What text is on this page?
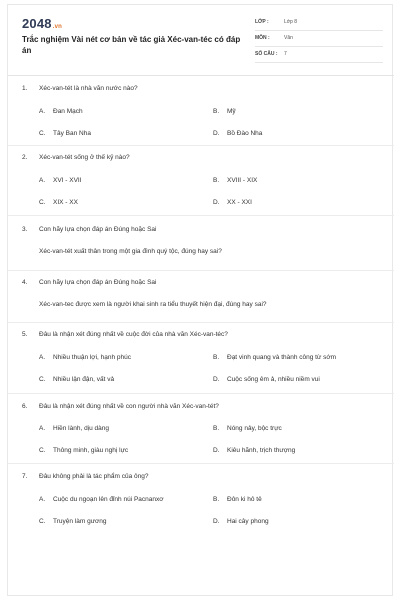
2048.vn
Trắc nghiệm Vài nét cơ bản về tác giả Xéc-van-téc có đáp án
LỚP :	Lớp 8
MÔN :	Văn
SỐ CÂU : 7
1. Xéc-van-tét là nhà văn nước nào?
A. Đan Mạch	B. Mỹ
C. Tây Ban Nha	D. Bồ Đào Nha
2. Xéc-van-tét sống ở thế kỷ nào?
A. XVI - XVII	B. XVIII - XIX
C. XIX - XX	D. XX - XXI
3. Con hãy lựa chọn đáp án Đúng hoặc Sai
Xéc-van-tét xuất thân trong một gia đình quý tộc, đúng hay sai?
4. Con hãy lựa chọn đáp án Đúng hoặc Sai
Xéc-van-tec được xem là người khai sinh ra tiểu thuyết hiện đại, đúng hay sai?
5. Đâu là nhận xét đúng nhất về cuộc đời của nhà văn Xéc-van-téc?
A. Nhiều thuận lợi, hạnh phúc	B. Đạt vinh quang và thành công từ sớm
C. Nhiều lận đận, vất vả	D. Cuộc sống êm ả, nhiều niềm vui
6. Đâu là nhận xét đúng nhất về con người nhà văn Xéc-van-tét?
A. Hiền lành, dịu dàng	B. Nóng nảy, bộc trực
C. Thông minh, giàu nghị lực	D. Kiêu hãnh, trịch thượng
7. Đâu không phải là tác phẩm của ông?
A. Cuộc du ngoạn lên đỉnh núi Pacnanxơ	B. Đôn ki hô tê
C. Truyện làm gương	D. Hai cây phong
